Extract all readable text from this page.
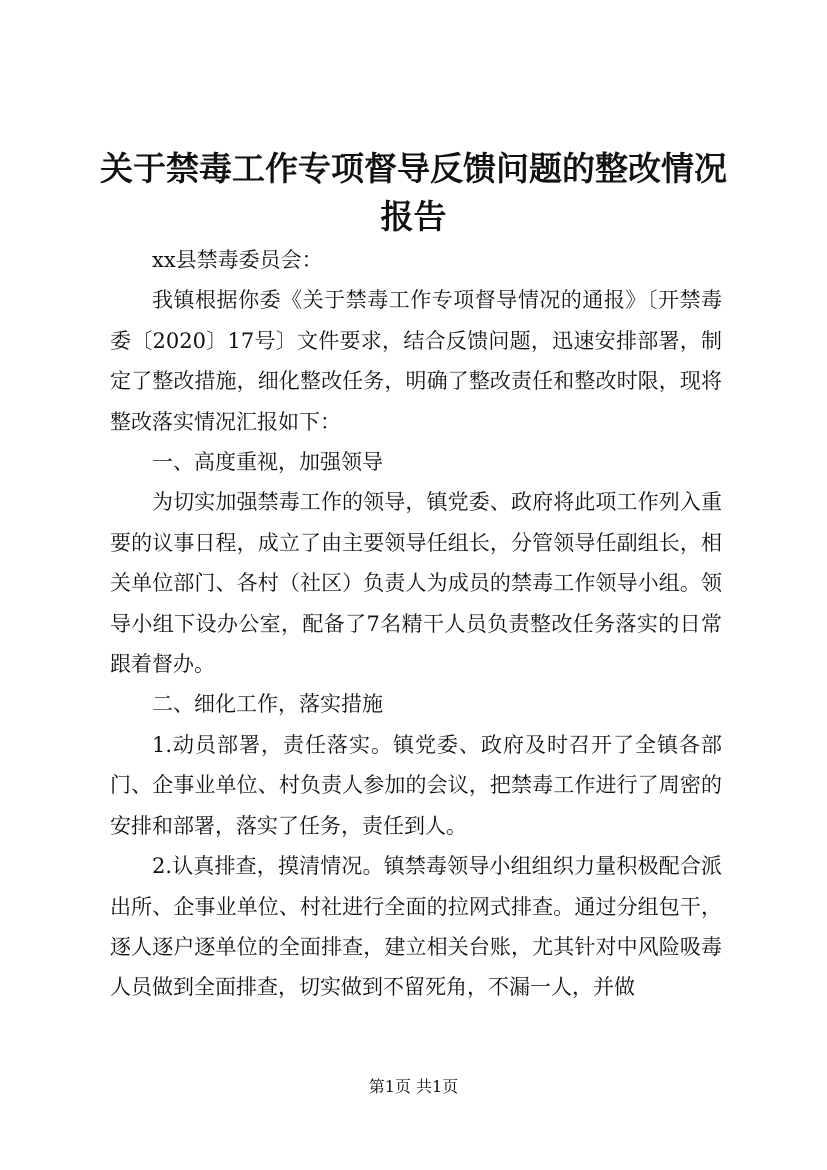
关于禁毒工作专项督导反馈问题的整改情况报告

xx县禁毒委员会：

我镇根据你委《关于禁毒工作专项督导情况的通报》〔开禁毒委〔2020〕17号〕文件要求，结合反馈问题，迅速安排部署，制定了整改措施，细化整改任务，明确了整改责任和整改时限，现将整改落实情况汇报如下：

一、高度重视，加强领导

为切实加强禁毒工作的领导，镇党委、政府将此项工作列入重要的议事日程，成立了由主要领导任组长，分管领导任副组长，相关单位部门、各村（社区）负责人为成员的禁毒工作领导小组。领导小组下设办公室，配备了7名精干人员负责整改任务落实的日常跟着督办。

二、细化工作，落实措施

1.动员部署，责任落实。镇党委、政府及时召开了全镇各部门、企事业单位、村负责人参加的会议，把禁毒工作进行了周密的安排和部署，落实了任务，责任到人。

2.认真排查，摸清情况。镇禁毒领导小组组织力量积极配合派出所、企事业单位、村社进行全面的拉网式排查。通过分组包干，逐人逐户逐单位的全面排查，建立相关台账，尤其针对中风险吸毒人员做到全面排查，切实做到不留死角，不漏一人，并做

第1页 共1页
